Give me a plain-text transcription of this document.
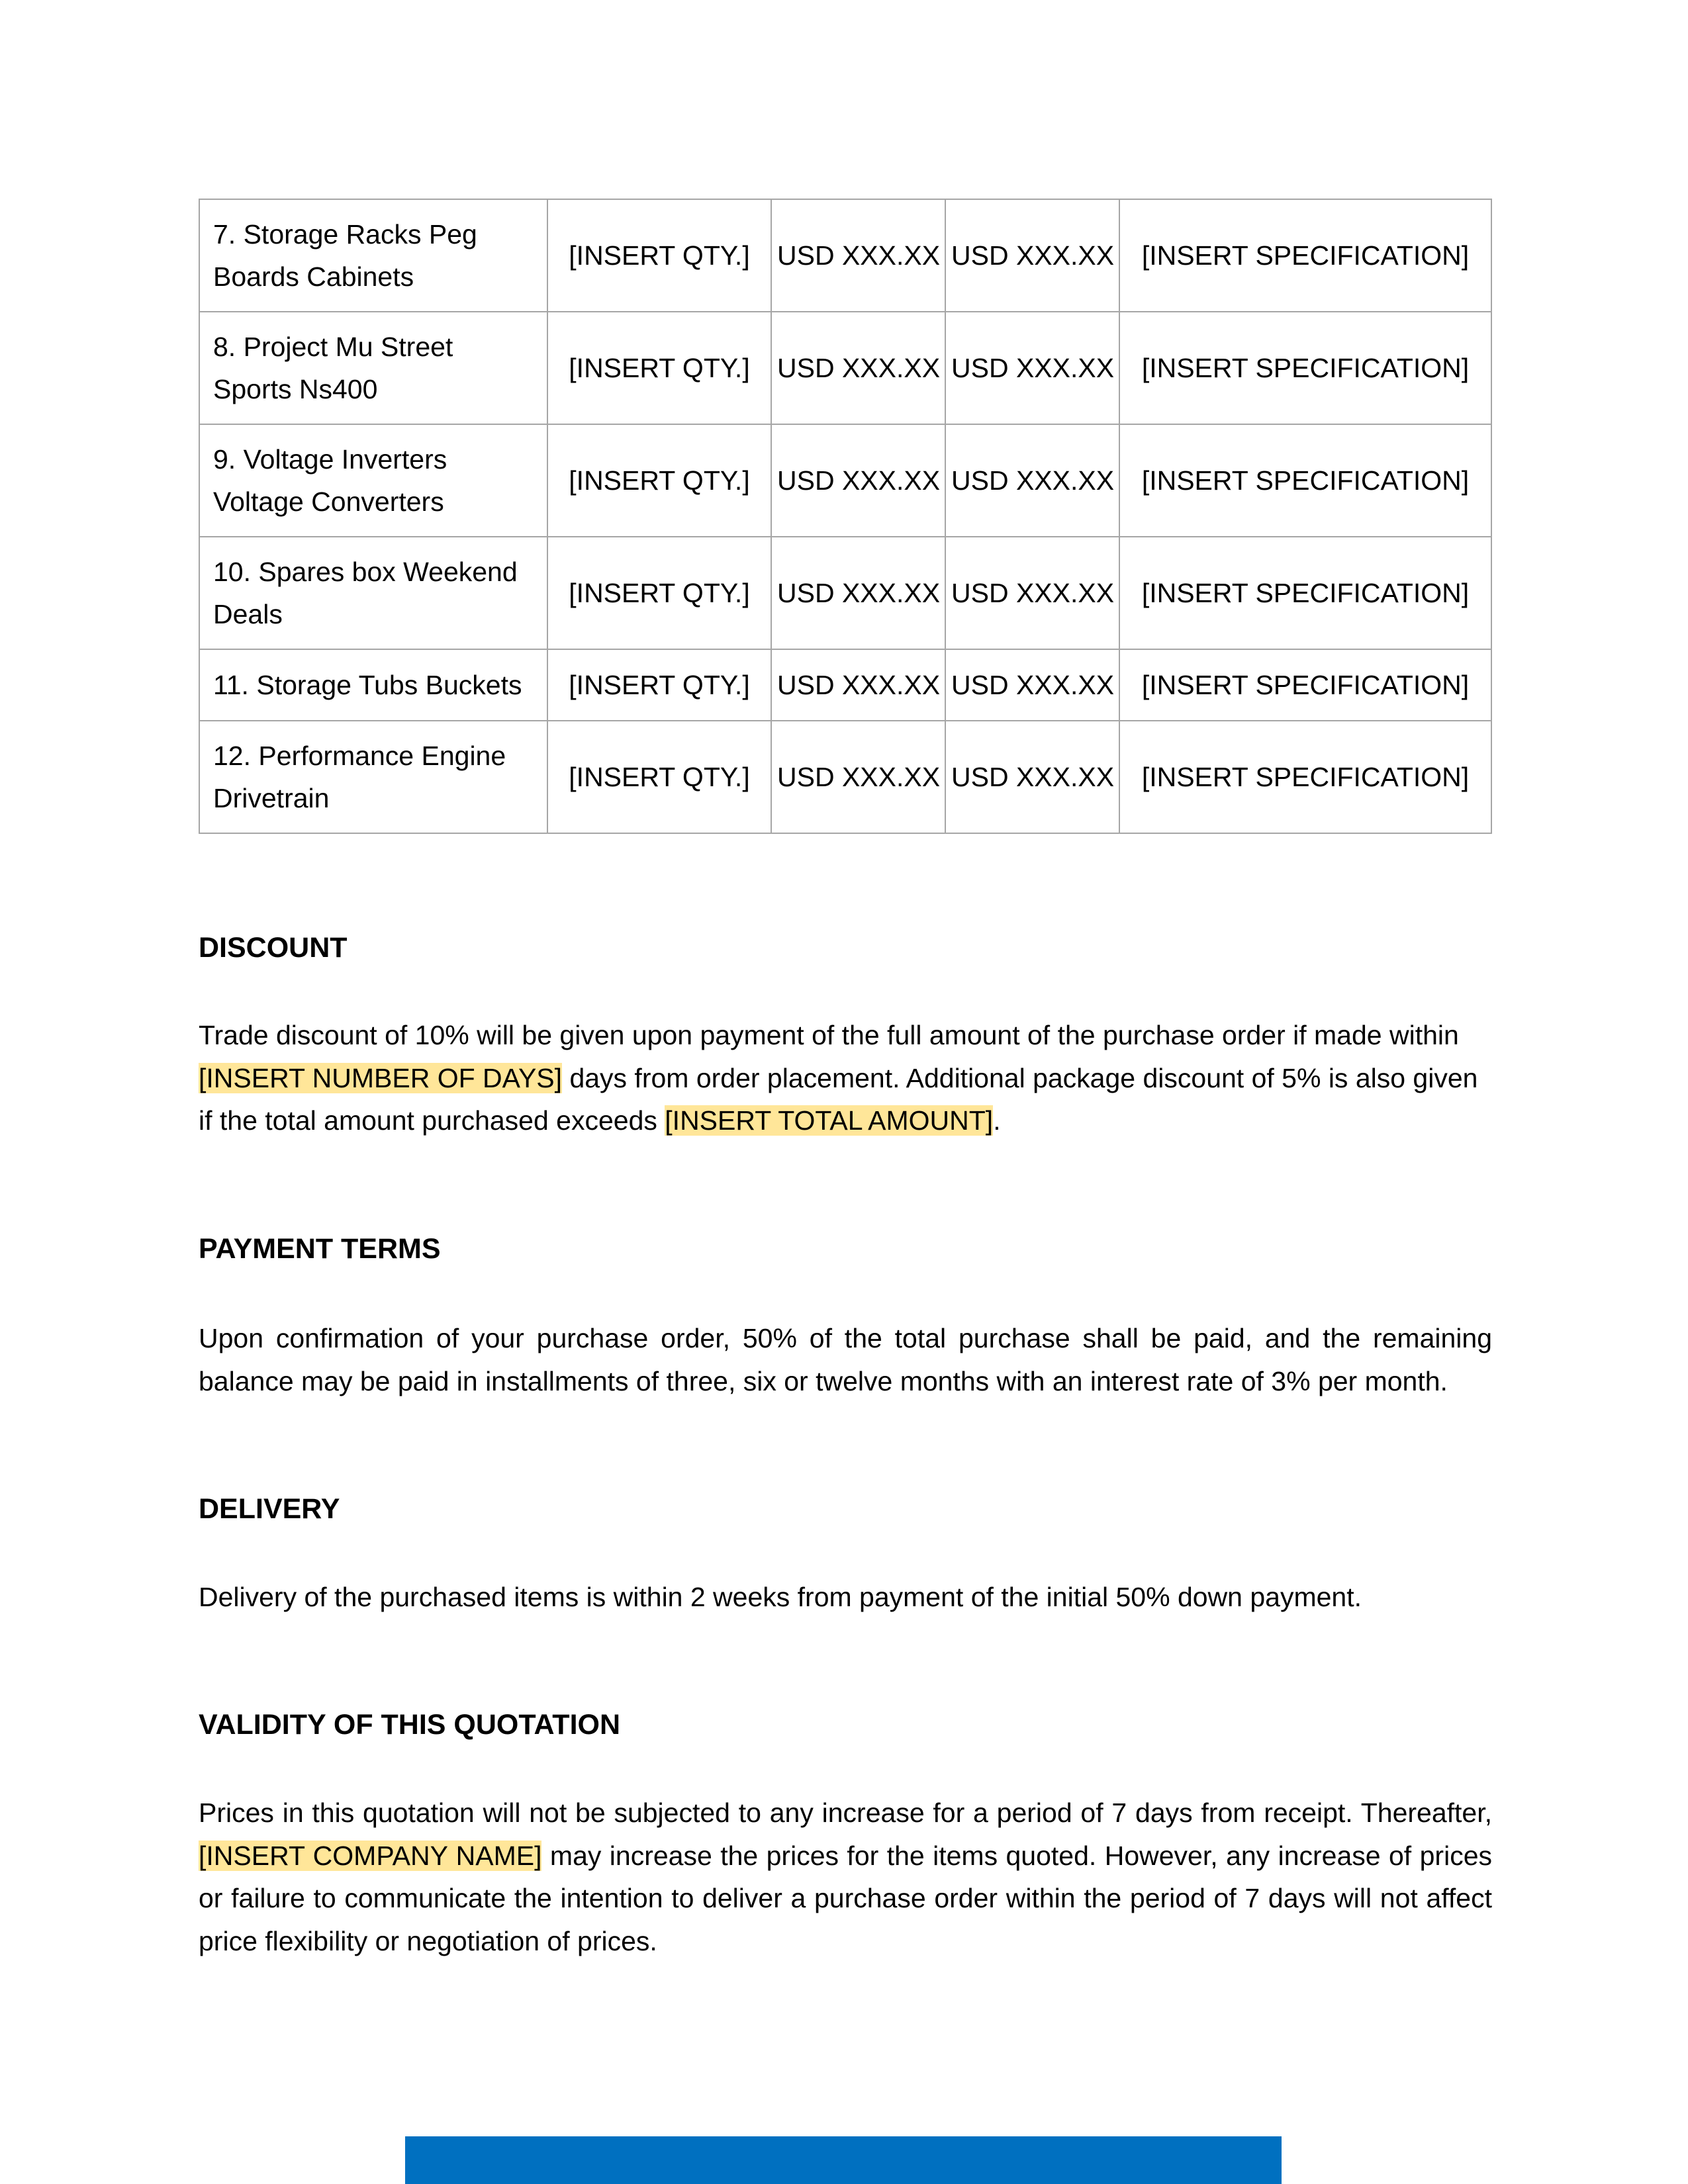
7. Storage Racks Peg Boards Cabinets	[INSERT QTY.]	USD XXX.XX	USD XXX.XX	[INSERT SPECIFICATION]
8. Project Mu Street Sports Ns400	[INSERT QTY.]	USD XXX.XX	USD XXX.XX	[INSERT SPECIFICATION]
9. Voltage Inverters Voltage Converters	[INSERT QTY.]	USD XXX.XX	USD XXX.XX	[INSERT SPECIFICATION]
10. Spares box Weekend Deals	[INSERT QTY.]	USD XXX.XX	USD XXX.XX	[INSERT SPECIFICATION]
11. Storage Tubs Buckets	[INSERT QTY.]	USD XXX.XX	USD XXX.XX	[INSERT SPECIFICATION]
12. Performance Engine Drivetrain	[INSERT QTY.]	USD XXX.XX	USD XXX.XX	[INSERT SPECIFICATION]
DISCOUNT

Trade discount of 10% will be given upon payment of the full amount of the purchase order if made within [INSERT NUMBER OF DAYS] days from order placement. Additional package discount of 5% is also given if the total amount purchased exceeds [INSERT TOTAL AMOUNT].

PAYMENT TERMS

Upon confirmation of your purchase order, 50% of the total purchase shall be paid, and the remaining balance may be paid in installments of three, six or twelve months with an interest rate of 3% per month.

DELIVERY

Delivery of the purchased items is within 2 weeks from payment of the initial 50% down payment.

VALIDITY OF THIS QUOTATION

Prices in this quotation will not be subjected to any increase for a period of 7 days from receipt. Thereafter, [INSERT COMPANY NAME] may increase the prices for the items quoted. However, any increase of prices or failure to communicate the intention to deliver a purchase order within the period of 7 days will not affect price flexibility or negotiation of prices.
